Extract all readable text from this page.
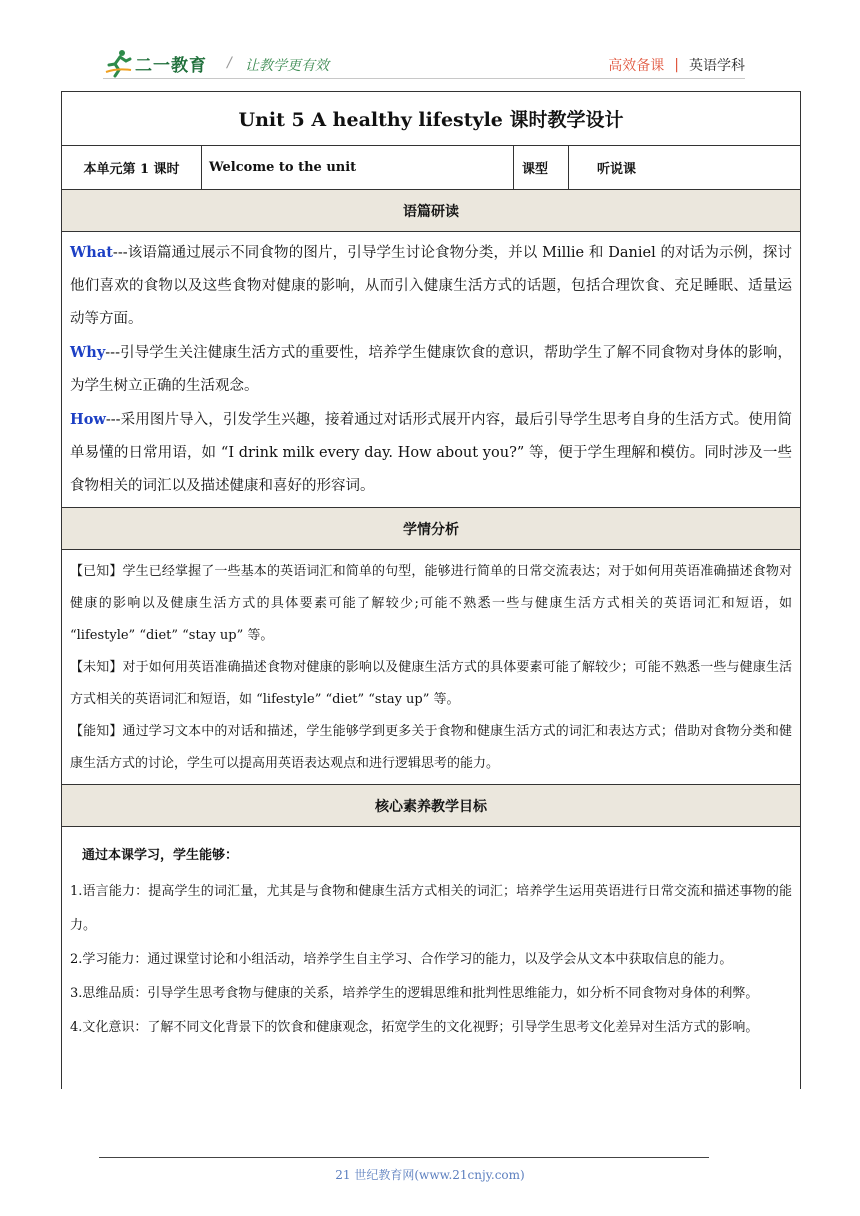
二一教育 / 让教学更有效	高效备课 | 英语学科
Unit 5 A healthy lifestyle 课时教学设计
本单元第 1 课时	Welcome to the unit	课型	听说课
语篇研读

What---该语篇通过展示不同食物的图片，引导学生讨论食物分类，并以 Millie 和 Daniel 的对话为示例，探讨他们喜欢的食物以及这些食物对健康的影响，从而引入健康生活方式的话题，包括合理饮食、充足睡眠、适量运动等方面。

Why---引导学生关注健康生活方式的重要性，培养学生健康饮食的意识，帮助学生了解不同食物对身体的影响，为学生树立正确的生活观念。

How---采用图片导入，引发学生兴趣，接着通过对话形式展开内容，最后引导学生思考自身的生活方式。使用简单易懂的日常用语，如 “I drink milk every day. How about you?” 等，便于学生理解和模仿。同时涉及一些食物相关的词汇以及描述健康和喜好的形容词。

学情分析

【已知】学生已经掌握了一些基本的英语词汇和简单的句型，能够进行简单的日常交流表达；对于如何用英语准确描述食物对健康的影响以及健康生活方式的具体要素可能了解较少;可能不熟悉一些与健康生活方式相关的英语词汇和短语，如 “lifestyle” “diet” “stay up” 等。

【未知】对于如何用英语准确描述食物对健康的影响以及健康生活方式的具体要素可能了解较少；可能不熟悉一些与健康生活方式相关的英语词汇和短语，如 “lifestyle” “diet” “stay up” 等。

【能知】通过学习文本中的对话和描述，学生能够学到更多关于食物和健康生活方式的词汇和表达方式；借助对食物分类和健康生活方式的讨论，学生可以提高用英语表达观点和进行逻辑思考的能力。

核心素养教学目标

通过本课学习，学生能够：

1.语言能力：提高学生的词汇量，尤其是与食物和健康生活方式相关的词汇；培养学生运用英语进行日常交流和描述事物的能力。

2.学习能力：通过课堂讨论和小组活动，培养学生自主学习、合作学习的能力，以及学会从文本中获取信息的能力。

3.思维品质：引导学生思考食物与健康的关系，培养学生的逻辑思维和批判性思维能力，如分析不同食物对身体的利弊。

4.文化意识：了解不同文化背景下的饮食和健康观念，拓宽学生的文化视野；引导学生思考文化差异对生活方式的影响。

21 世纪教育网(www.21cnjy.com)
